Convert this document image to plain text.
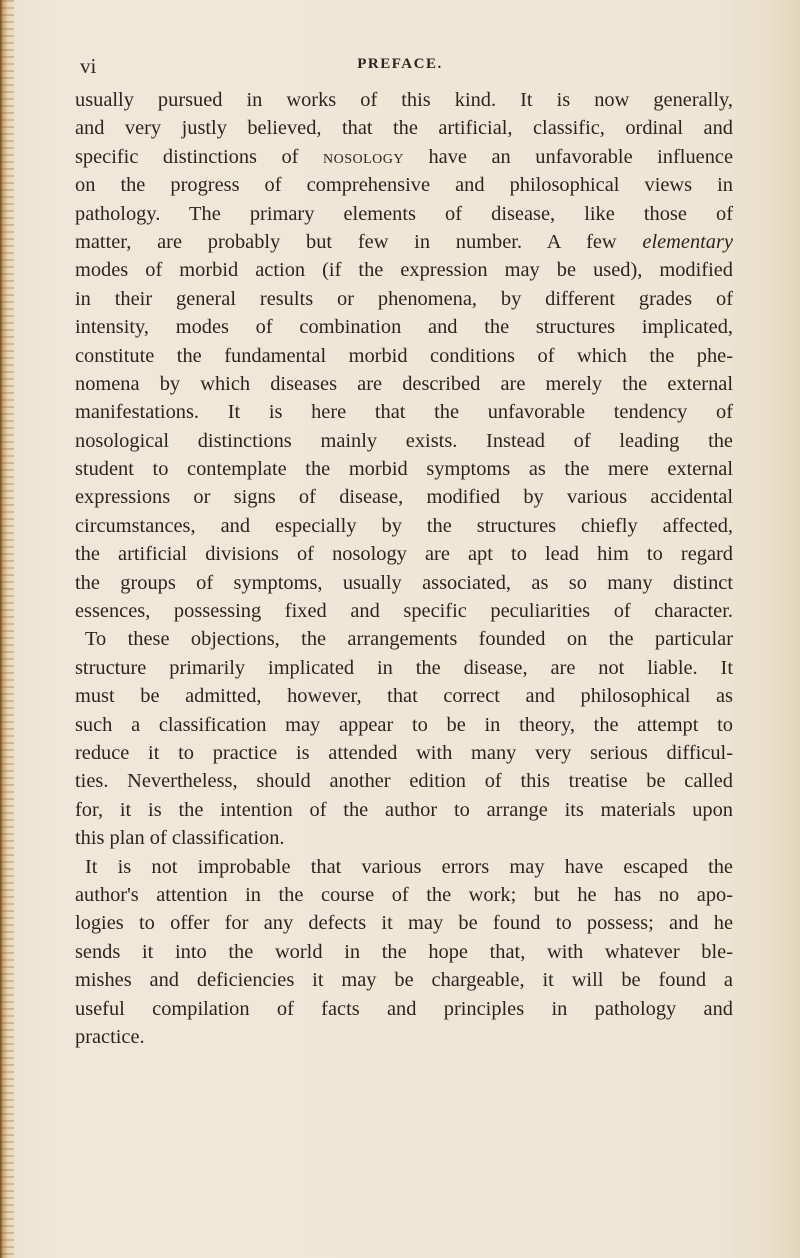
vi	PREFACE.
usually pursued in works of this kind. It is now generally,
and very justly believed, that the artificial, classific, ordinal and
specific distinctions of nosology have an unfavorable influence
on the progress of comprehensive and philosophical views in
pathology. The primary elements of disease, like those of
matter, are probably but few in number. A few elementary
modes of morbid action (if the expression may be used), modified
in their general results or phenomena, by different grades of
intensity, modes of combination and the structures implicated,
constitute the fundamental morbid conditions of which the phe-
nomena by which diseases are described are merely the external
manifestations. It is here that the unfavorable tendency of
nosological distinctions mainly exists. Instead of leading the
student to contemplate the morbid symptoms as the mere external
expressions or signs of disease, modified by various accidental
circumstances, and especially by the structures chiefly affected,
the artificial divisions of nosology are apt to lead him to regard
the groups of symptoms, usually associated, as so many distinct
essences, possessing fixed and specific peculiarities of character.
To these objections, the arrangements founded on the particular
structure primarily implicated in the disease, are not liable. It
must be admitted, however, that correct and philosophical as
such a classification may appear to be in theory, the attempt to
reduce it to practice is attended with many very serious difficul-
ties. Nevertheless, should another edition of this treatise be called
for, it is the intention of the author to arrange its materials upon
this plan of classification.
It is not improbable that various errors may have escaped the
author's attention in the course of the work; but he has no apo-
logies to offer for any defects it may be found to possess; and he
sends it into the world in the hope that, with whatever ble-
mishes and deficiencies it may be chargeable, it will be found a
useful compilation of facts and principles in pathology and
practice.
